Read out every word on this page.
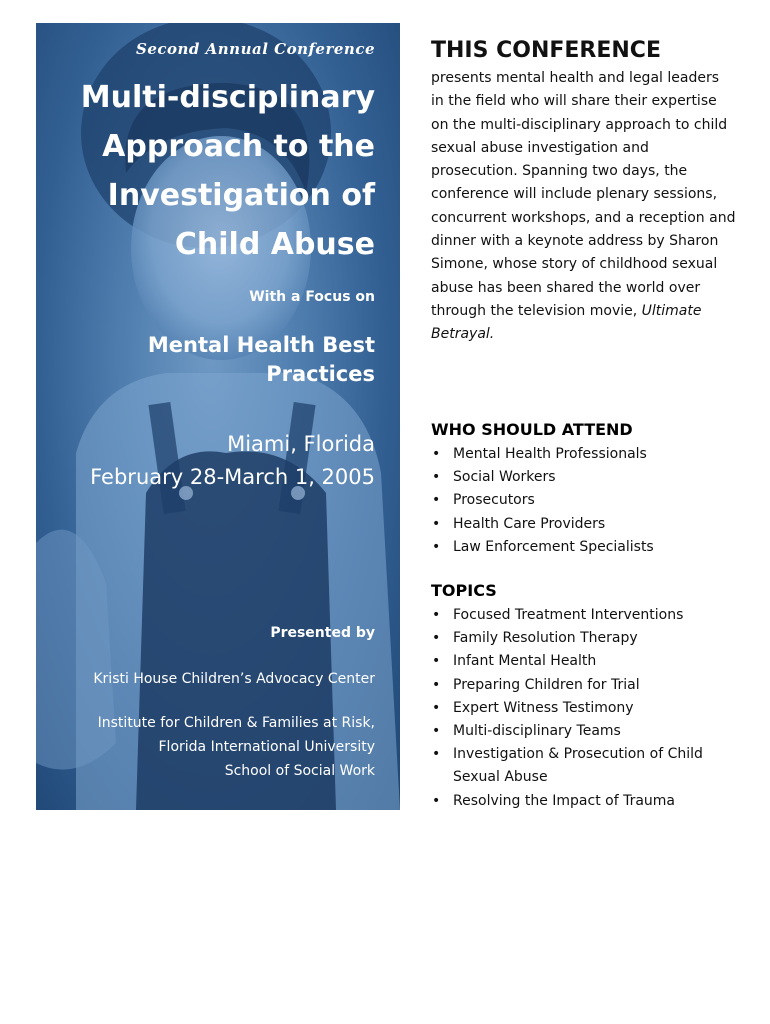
Second Annual Conference
Multi-disciplinary Approach to the Investigation of Child Abuse
With a Focus on
Mental Health Best Practices
Miami, Florida
February 28-March 1, 2005
Presented by
Kristi House Children’s Advocacy Center
Institute for Children & Families at Risk,
Florida International University
School of Social Work
THIS CONFERENCE

presents mental health and legal leaders in the field who will share their expertise on the multi-disciplinary approach to child sexual abuse investigation and prosecution. Spanning two days, the conference will include plenary sessions, concurrent workshops, and a reception and dinner with a keynote address by Sharon Simone, whose story of childhood sexual abuse has been shared the world over through the television movie, Ultimate Betrayal.

WHO SHOULD ATTEND
• Mental Health Professionals
• Social Workers
• Prosecutors
• Health Care Providers
• Law Enforcement Specialists
TOPICS
• Focused Treatment Interventions
• Family Resolution Therapy
• Infant Mental Health
• Preparing Children for Trial
• Expert Witness Testimony
• Multi-disciplinary Teams
• Investigation & Prosecution of Child Sexual Abuse
• Resolving the Impact of Trauma
